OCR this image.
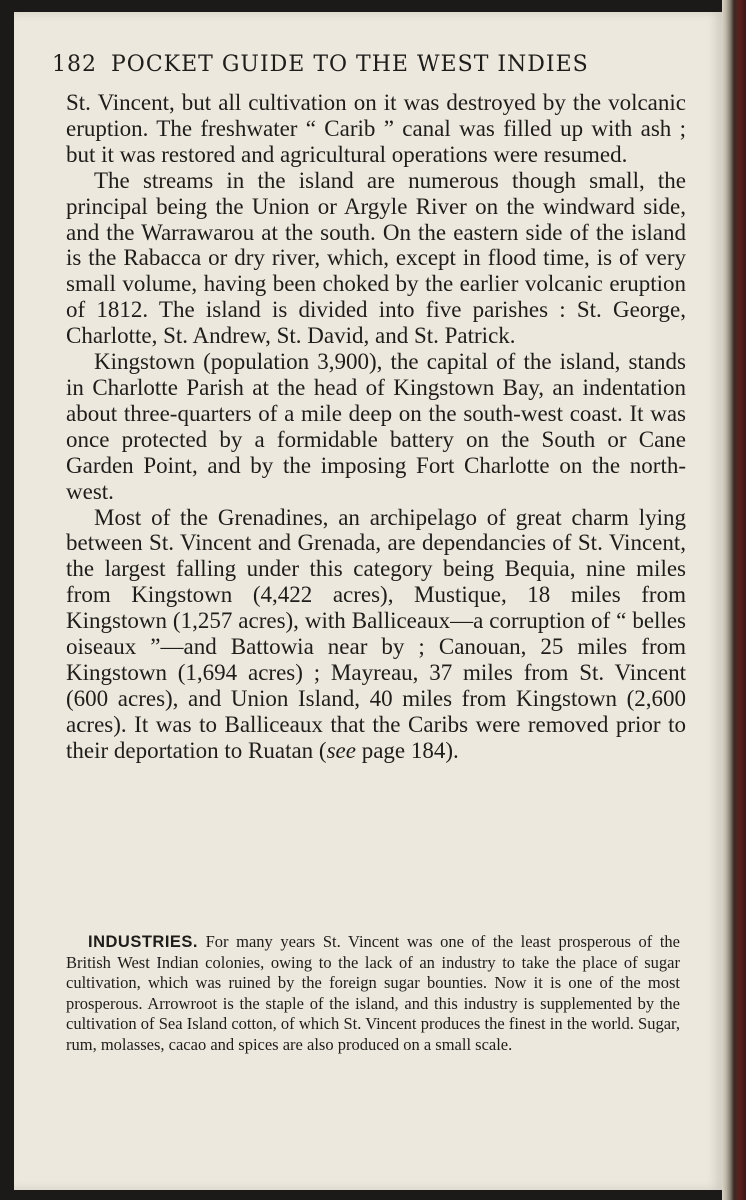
182 POCKET GUIDE TO THE WEST INDIES

St. Vincent, but all cultivation on it was destroyed by the volcanic eruption. The freshwater “ Carib ” canal was filled up with ash ; but it was restored and agricultural operations were resumed.

The streams in the island are numerous though small, the principal being the Union or Argyle River on the windward side, and the Warrawarou at the south. On the eastern side of the island is the Rabacca or dry river, which, except in flood time, is of very small volume, having been choked by the earlier volcanic eruption of 1812. The island is divided into five parishes : St. George, Charlotte, St. Andrew, St. David, and St. Patrick.

Kingstown (population 3,900), the capital of the island, stands in Charlotte Parish at the head of Kingstown Bay, an indentation about three-quarters of a mile deep on the south-west coast. It was once protected by a formidable battery on the South or Cane Garden Point, and by the imposing Fort Charlotte on the north-west.

Most of the Grenadines, an archipelago of great charm lying between St. Vincent and Grenada, are dependancies of St. Vincent, the largest falling under this category being Bequia, nine miles from Kingstown (4,422 acres), Mustique, 18 miles from Kingstown (1,257 acres), with Balliceaux—a corruption of “ belles oiseaux ”—and Battowia near by ; Canouan, 25 miles from Kingstown (1,694 acres) ; Mayreau, 37 miles from St. Vincent (600 acres), and Union Island, 40 miles from Kingstown (2,600 acres). It was to Balliceaux that the Caribs were removed prior to their deportation to Ruatan (see page 184).

INDUSTRIES. For many years St. Vincent was one of the least prosperous of the British West Indian colonies, owing to the lack of an industry to take the place of sugar cultivation, which was ruined by the foreign sugar bounties. Now it is one of the most prosperous. Arrowroot is the staple of the island, and this industry is supplemented by the cultivation of Sea Island cotton, of which St. Vincent produces the finest in the world. Sugar, rum, molasses, cacao and spices are also produced on a small scale.
